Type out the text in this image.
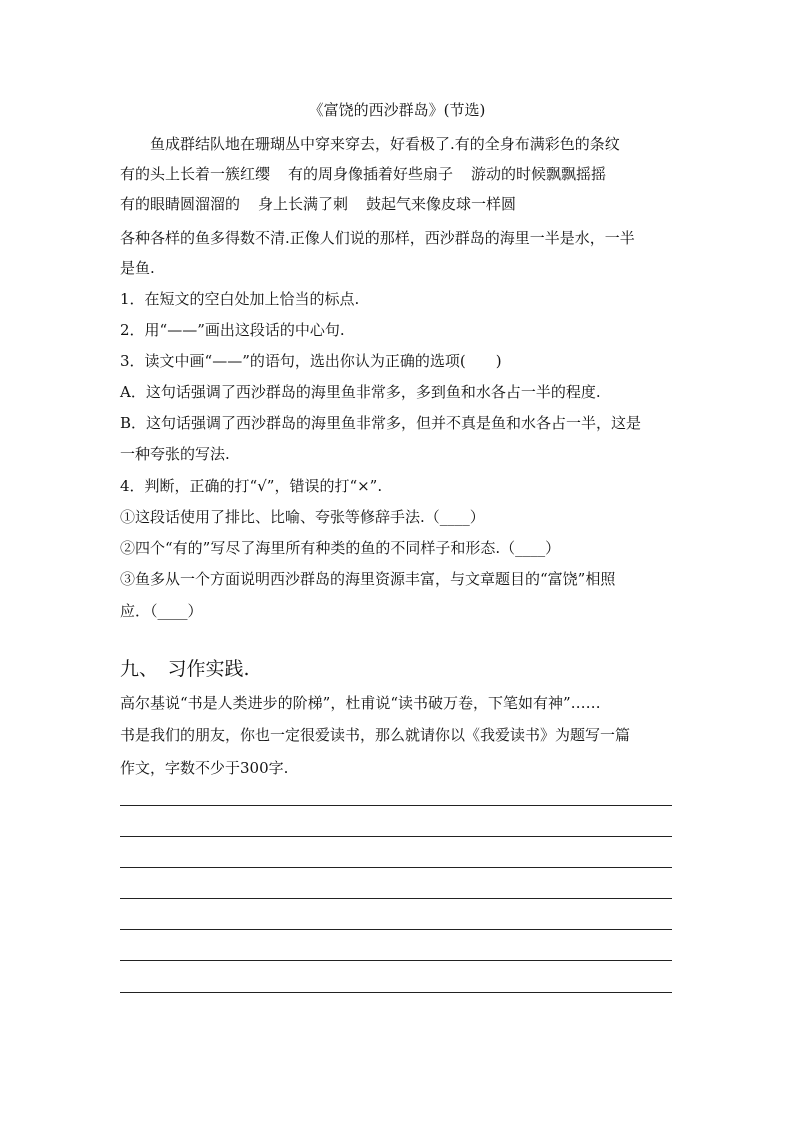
《富饶的西沙群岛》(节选)
鱼成群结队地在珊瑚丛中穿来穿去，好看极了.有的全身布满彩色的条纹
有的头上长着一簇红缨 有的周身像插着好些扇子 游动的时候飘飘摇摇
有的眼睛圆溜溜的 身上长满了刺 鼓起气来像皮球一样圆
各种各样的鱼多得数不清.正像人们说的那样，西沙群岛的海里一半是水，一半
是鱼.
1．在短文的空白处加上恰当的标点.
2．用“——”画出这段话的中心句.
3．读文中画“——”的语句，选出你认为正确的选项(　　)
A．这句话强调了西沙群岛的海里鱼非常多，多到鱼和水各占一半的程度.
B．这句话强调了西沙群岛的海里鱼非常多，但并不真是鱼和水各占一半，这是
一种夸张的写法.
4．判断，正确的打“√”，错误的打“×”.
①这段话使用了排比、比喻、夸张等修辞手法.（____）
②四个“有的”写尽了海里所有种类的鱼的不同样子和形态.（____）
③鱼多从一个方面说明西沙群岛的海里资源丰富，与文章题目的“富饶”相照
应．（____）
九、　习作实践.
高尔基说“书是人类进步的阶梯”，杜甫说“读书破万卷，下笔如有神”……
书是我们的朋友，你也一定很爱读书，那么就请你以《我爱读书》为题写一篇
作文，字数不少于300字.
